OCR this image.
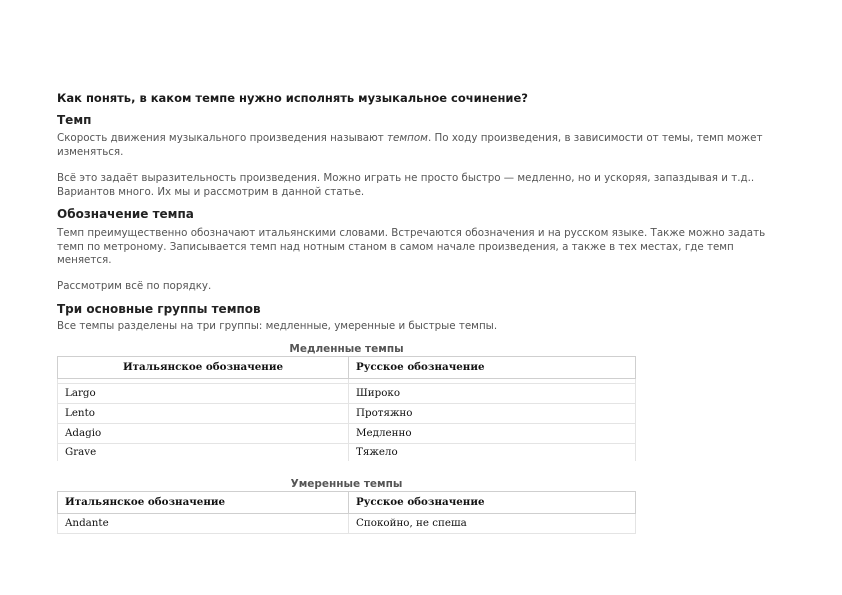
Как понять, в каком темпе нужно исполнять музыкальное сочинение?
Темп

Скорость движения музыкального произведения называют темпом. По ходу произведения, в зависимости от темы, темп может изменяться.

Всё это задаёт выразительность произведения. Можно играть не просто быстро — медленно, но и ускоряя, запаздывая и т.д.. Вариантов много. Их мы и рассмотрим в данной статье.

Обозначение темпа

Темп преимущественно обозначают итальянскими словами. Встречаются обозначения и на русском языке. Также можно задать темп по метроному. Записывается темп над нотным станом в самом начале произведения, а также в тех местах, где темп меняется.

Рассмотрим всё по порядку.

Три основные группы темпов

Все темпы разделены на три группы: медленные, умеренные и быстрые темпы.

Медленные темпы
Итальянское обозначение	Русское обозначение

Largo	Широко
Lento	Протяжно
Adagio	Медленно
Grave	Тяжело
Умеренные темпы
Итальянское обозначение	Русское обозначение
Andante	Спокойно, не спеша
